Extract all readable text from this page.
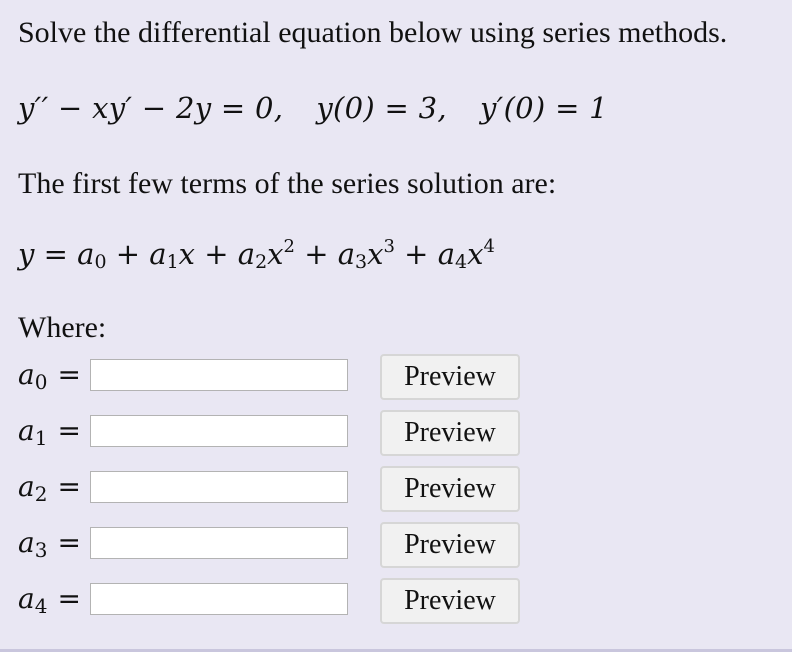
Solve the differential equation below using series methods.
y′′ − xy′ − 2y = 0, y(0) = 3, y′(0) = 1
The first few terms of the series solution are:
$y = a_0 + a_1x + a_2x^2 + a_3x^3 + a_4x^4$
Where:
a0 =	Preview
a1 =	Preview
a2 =	Preview
a3 =	Preview
a4 =	Preview
